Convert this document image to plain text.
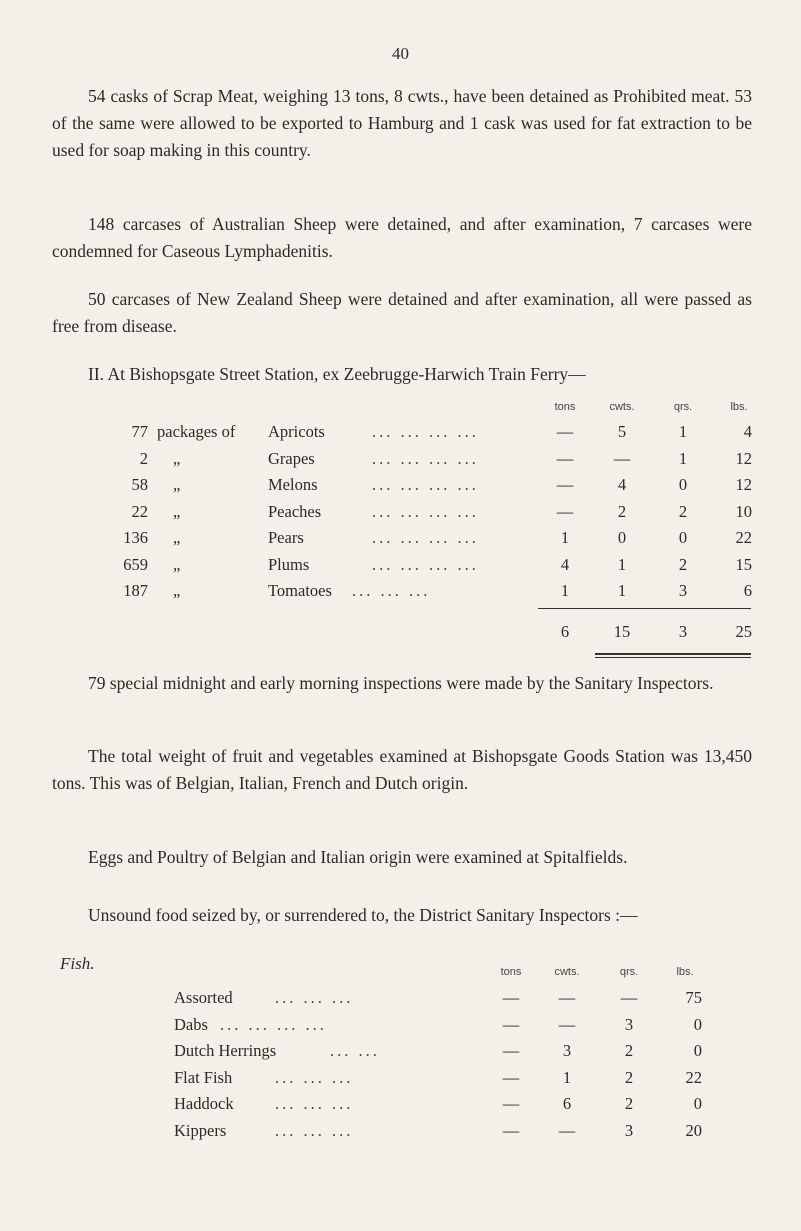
40

54 casks of Scrap Meat, weighing 13 tons, 8 cwts., have been detained as Prohibited meat. 53 of the same were allowed to be exported to Hamburg and 1 cask was used for fat extraction to be used for soap making in this country.

148 carcases of Australian Sheep were detained, and after examination, 7 carcases were condemned for Caseous Lymphadenitis.

50 carcases of New Zealand Sheep were detained and after examination, all were passed as free from disease.

II. At Bishopsgate Street Station, ex Zeebrugge-Harwich Train Ferry—

tons	cwts.	qrs.	lbs.
77 packages of Apricots	... ... ... ...	—	5	1	4
2 „	Grapes	... ... ... ...	—	—	1	12
58 „	Melons	... ... ... ...	—	4	0	12
22 „	Peaches	... ... ... ...	—	2	2	10
136 „	Pears	... ... ... ...	1	0	0	22
659 „	Plums	... ... ... ...	4	1	2	15
187 „	Tomatoes ... ... ...	1	1	3	6
6	15	3	25

79 special midnight and early morning inspections were made by the Sanitary Inspectors.

The total weight of fruit and vegetables examined at Bishopsgate Goods Station was 13,450 tons. This was of Belgian, Italian, French and Dutch origin.

Eggs and Poultry of Belgian and Italian origin were examined at Spitalfields.

Unsound food seized by, or surrendered to, the District Sanitary Inspectors :—

Fish.	tons	cwts.	qrs.	lbs.
Assorted	... ... ...	—	—	—	75
Dabs ... ... ... ...	—	—	3	0
Dutch Herrings	... ...	—	3	2	0
Flat Fish	... ... ...	—	1	2	22
Haddock	... ... ...	—	6	2	0
Kippers	... ... ...	—	—	3	20
